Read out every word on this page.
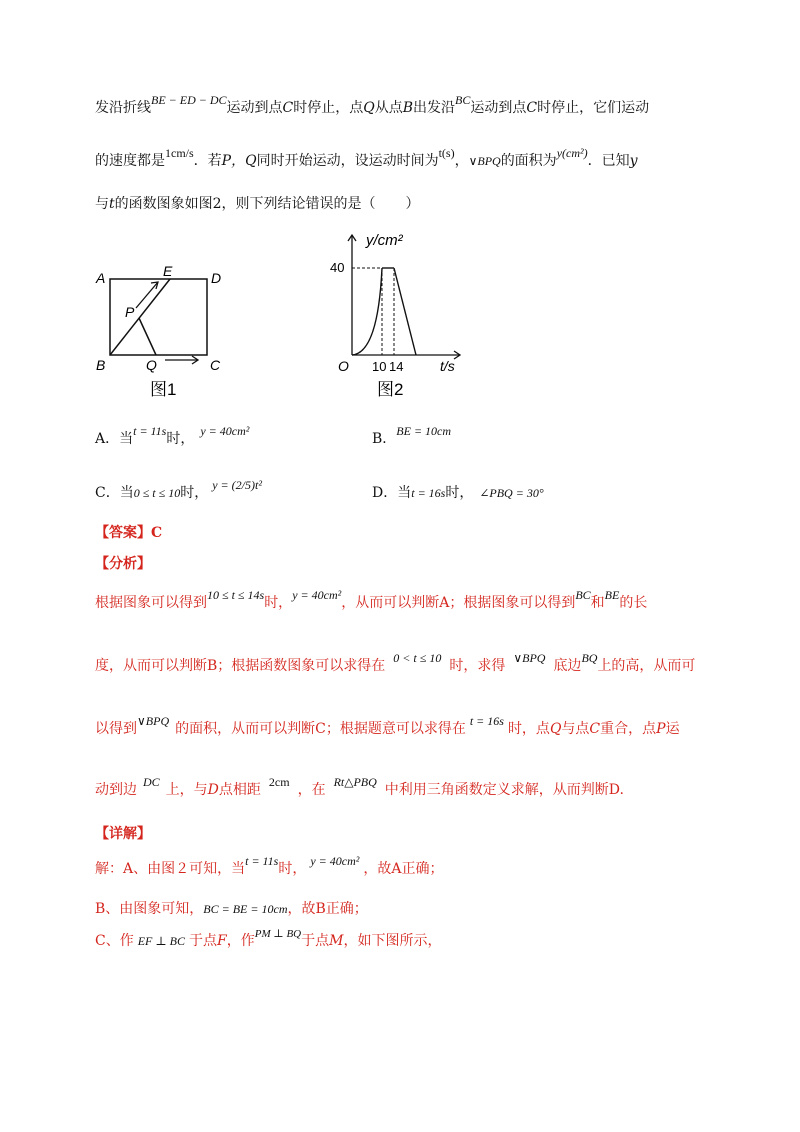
发沿折线BE − ED − DC运动到点C时停止，点Q从点B出发沿BC运动到点C时停止，它们运动
的速度都是1cm/s．若P，Q同时开始运动，设运动时间为t(s)，∨BPQ的面积为y(cm²)．已知y
与t的函数图象如图2，则下列结论错误的是（ ）
A	E	D
P
B	Q	C
图1
y/cm²
40
O 10 14	t/s
图2
A．当t = 11s时， y = 40cm²	B．BE = 10cm
C．当0 ≤ t ≤ 10时， y = (2/5)t²	D．当t = 16s时， ∠PBQ = 30°
【答案】C
【分析】
根据图象可以得到10 ≤ t ≤ 14s时，y = 40cm²，从而可以判断A；根据图象可以得到BC和BE的长
度，从而可以判断B；根据函数图象可以求得在 0 < t ≤ 10 时，求得 ∨BPQ 底边BQ上的高，从而可
以得到∨BPQ 的面积，从而可以判断C；根据题意可以求得在 t = 16s 时，点Q与点C重合，点P运
动到边 DC 上，与D点相距 2cm ，在 Rt△PBQ 中利用三角函数定义求解，从而判断D.
【详解】
解：A、由图２可知，当t = 11s时， y = 40cm² ，故A正确；
B、由图象可知，BC = BE = 10cm，故B正确；
C、作 EF ⊥ BC 于点F，作$^{PM \perp BQ}$于点M，如下图所示，
